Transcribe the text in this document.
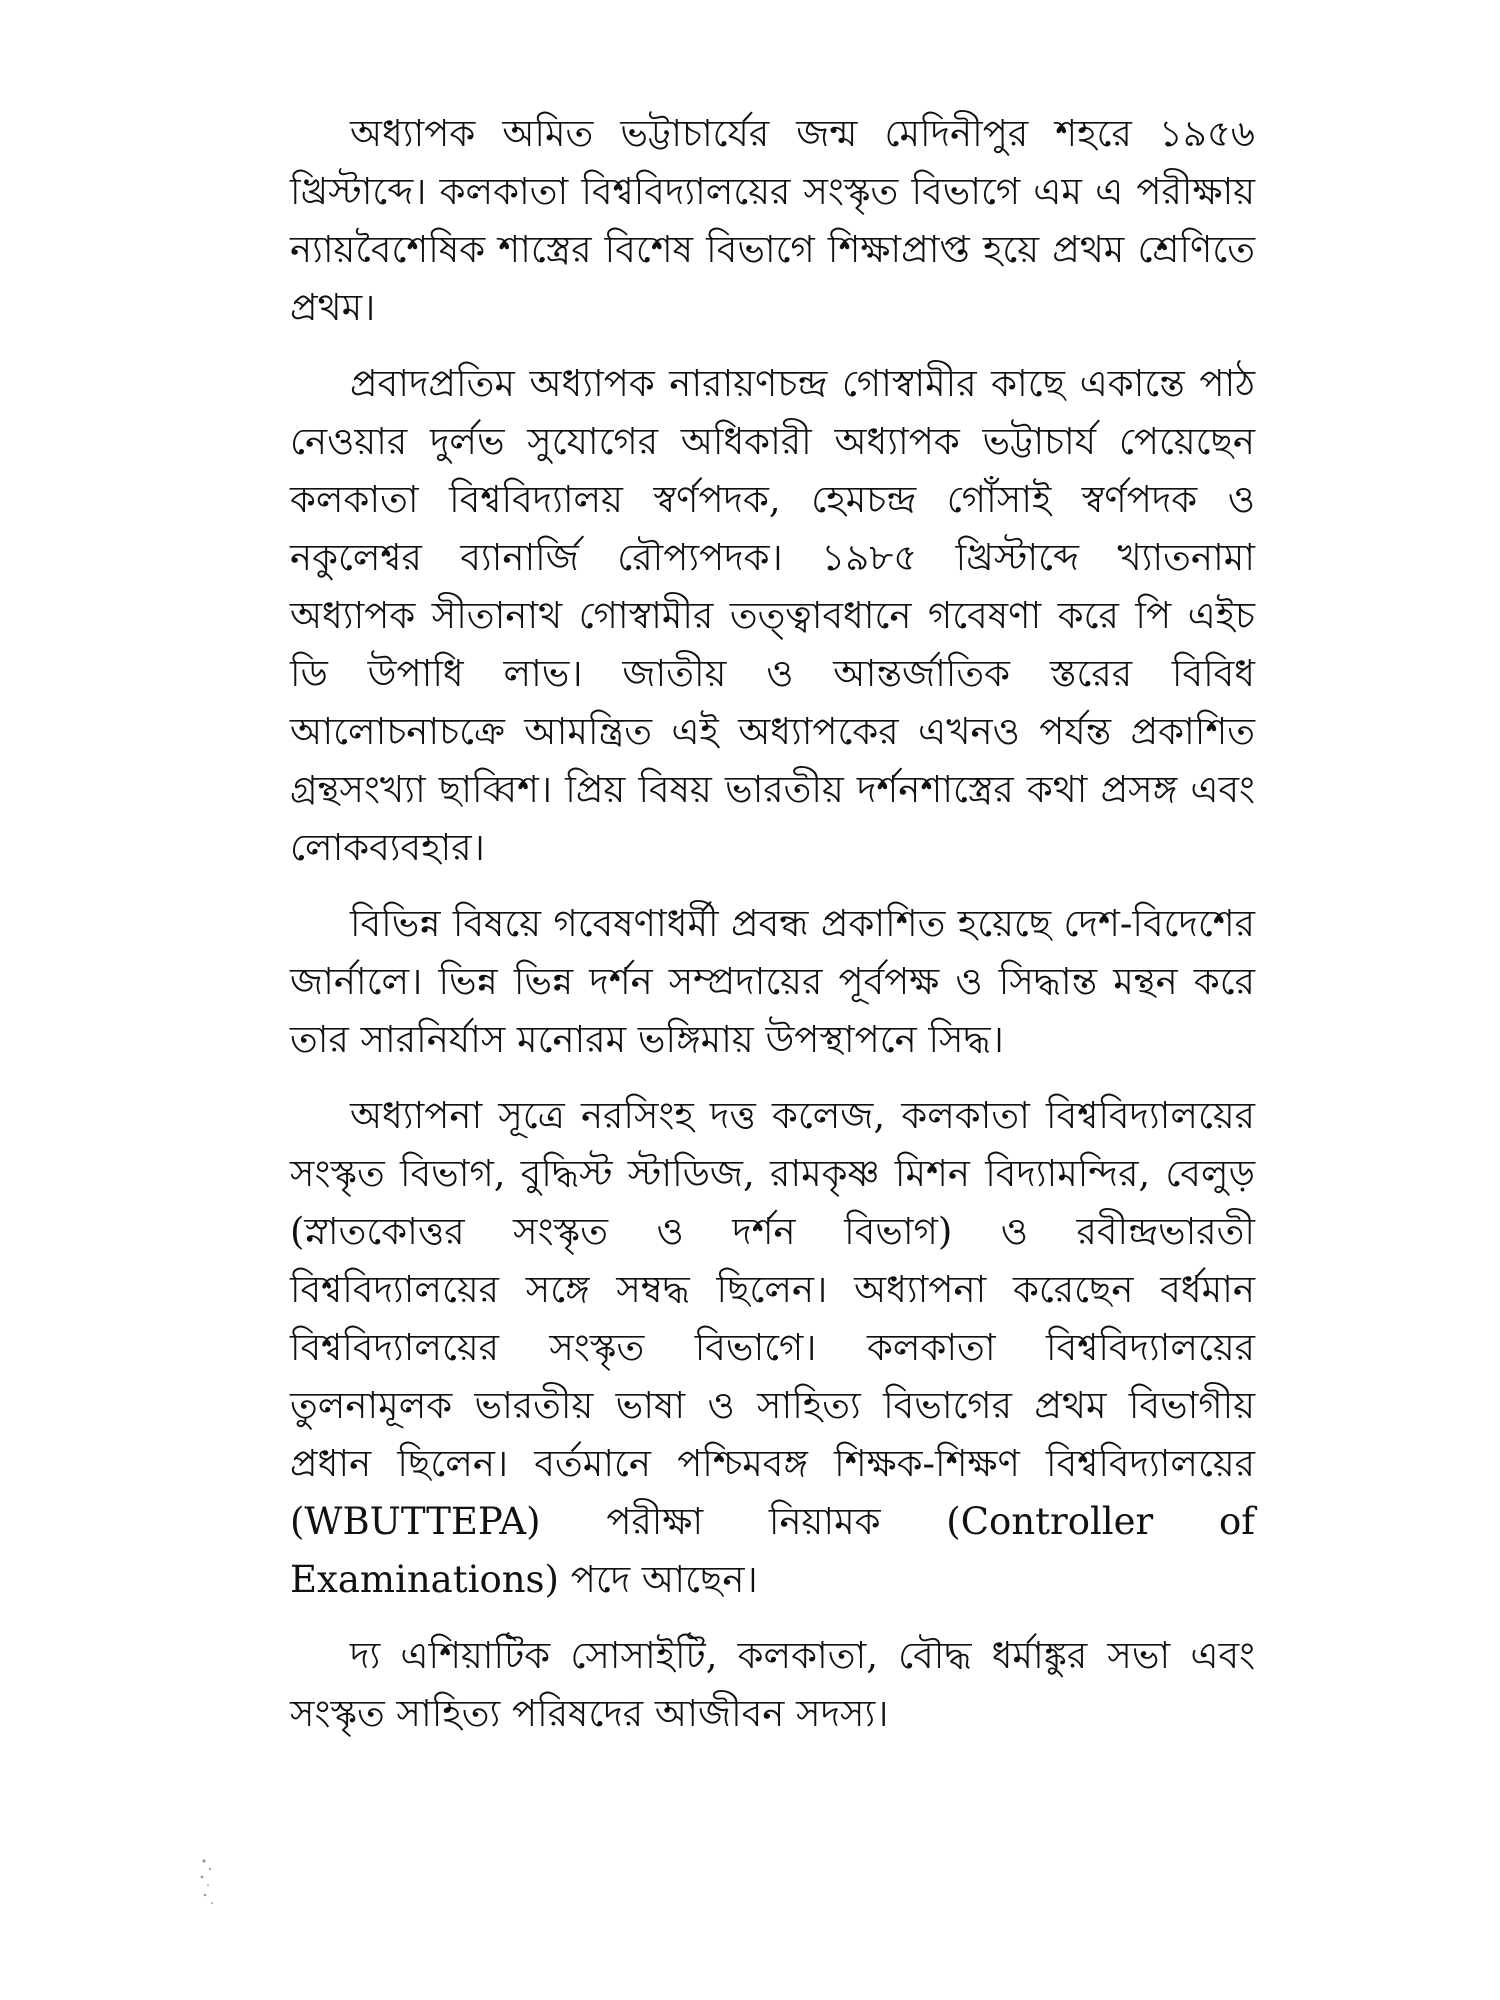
অধ্যাপক অমিত ভট্টাচার্যের জন্ম মেদিনীপুর শহরে ১৯৫৬ খ্রিস্টাব্দে। কলকাতা বিশ্ববিদ্যালয়ের সংস্কৃত বিভাগে এম এ পরীক্ষায় ন্যায়বৈশেষিক শাস্ত্রের বিশেষ বিভাগে শিক্ষাপ্রাপ্ত হয়ে প্রথম শ্রেণিতে প্রথম।

প্রবাদপ্রতিম অধ্যাপক নারায়ণচন্দ্র গোস্বামীর কাছে একান্তে পাঠ নেওয়ার দুর্লভ সুযোগের অধিকারী অধ্যাপক ভট্টাচার্য পেয়েছেন কলকাতা বিশ্ববিদ্যালয় স্বর্ণপদক, হেমচন্দ্র গোঁসাই স্বর্ণপদক ও নকুলেশ্বর ব্যানার্জি রৌপ্যপদক। ১৯৮৫ খ্রিস্টাব্দে খ্যাতনামা অধ্যাপক সীতানাথ গোস্বামীর তত্ত্বাবধানে গবেষণা করে পি এইচ ডি উপাধি লাভ। জাতীয় ও আন্তর্জাতিক স্তরের বিবিধ আলোচনাচক্রে আমন্ত্রিত এই অধ্যাপকের এখনও পর্যন্ত প্রকাশিত গ্রন্থসংখ্যা ছাব্বিশ। প্রিয় বিষয় ভারতীয় দর্শনশাস্ত্রের কথা প্রসঙ্গ এবং লোকব্যবহার।

বিভিন্ন বিষয়ে গবেষণাধর্মী প্রবন্ধ প্রকাশিত হয়েছে দেশ-বিদেশের জার্নালে। ভিন্ন ভিন্ন দর্শন সম্প্রদায়ের পূর্বপক্ষ ও সিদ্ধান্ত মন্থন করে তার সারনির্যাস মনোরম ভঙ্গিমায় উপস্থাপনে সিদ্ধ।

অধ্যাপনা সূত্রে নরসিংহ দত্ত কলেজ, কলকাতা বিশ্ববিদ্যালয়ের সংস্কৃত বিভাগ, বুদ্ধিস্ট স্টাডিজ, রামকৃষ্ণ মিশন বিদ্যামন্দির, বেলুড় (স্নাতকোত্তর সংস্কৃত ও দর্শন বিভাগ) ও রবীন্দ্রভারতী বিশ্ববিদ্যালয়ের সঙ্গে সম্বদ্ধ ছিলেন। অধ্যাপনা করেছেন বর্ধমান বিশ্ববিদ্যালয়ের সংস্কৃত বিভাগে। কলকাতা বিশ্ববিদ্যালয়ের তুলনামূলক ভারতীয় ভাষা ও সাহিত্য বিভাগের প্রথম বিভাগীয় প্রধান ছিলেন। বর্তমানে পশ্চিমবঙ্গ শিক্ষক-শিক্ষণ বিশ্ববিদ্যালয়ের (WBUTTEPA) পরীক্ষা নিয়ামক (Controller of Examinations) পদে আছেন।

দ্য এশিয়াটিক সোসাইটি, কলকাতা, বৌদ্ধ ধর্মাঙ্কুর সভা এবং সংস্কৃত সাহিত্য পরিষদের আজীবন সদস্য।
